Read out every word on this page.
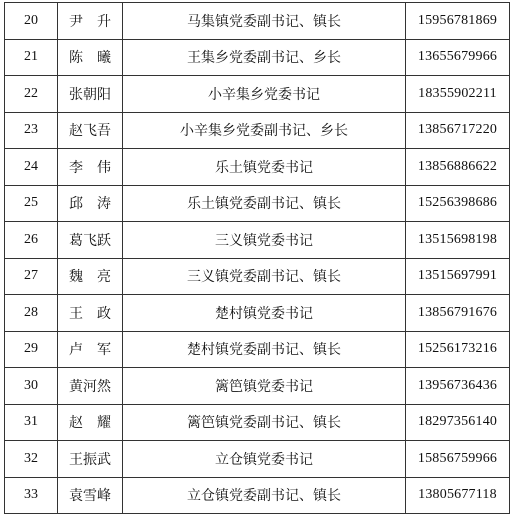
20	尹　升	马集镇党委副书记、镇长	15956781869
21	陈　曦	王集乡党委副书记、乡长	13655679966
22	张朝阳	小辛集乡党委书记	18355902211
23	赵飞吾	小辛集乡党委副书记、乡长	13856717220
24	李　伟	乐土镇党委书记	13856886622
25	邱　涛	乐土镇党委副书记、镇长	15256398686
26	葛飞跃	三义镇党委书记	13515698198
27	魏　亮	三义镇党委副书记、镇长	13515697991
28	王　政	楚村镇党委书记	13856791676
29	卢　军	楚村镇党委副书记、镇长	15256173216
30	黄河然	篱笆镇党委书记	13956736436
31	赵　耀	篱笆镇党委副书记、镇长	18297356140
32	王振武	立仓镇党委书记	15856759966
33	袁雪峰	立仓镇党委副书记、镇长	13805677118
